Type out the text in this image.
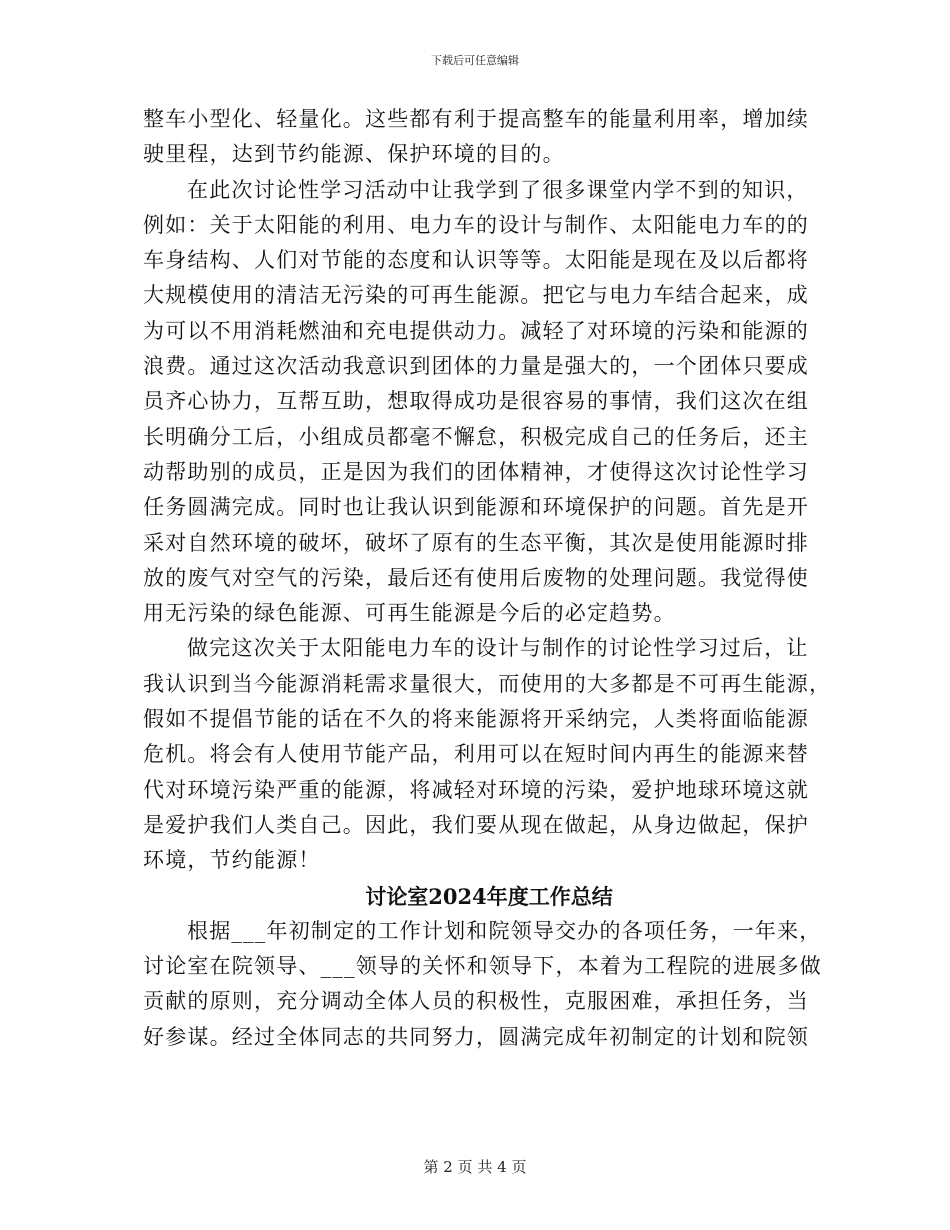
下载后可任意编辑
整车小型化、轻量化。这些都有利于提高整车的能量利用率，增加续
驶里程，达到节约能源、保护环境的目的。
在此次讨论性学习活动中让我学到了很多课堂内学不到的知识，
例如：关于太阳能的利用、电力车的设计与制作、太阳能电力车的的
车身结构、人们对节能的态度和认识等等。太阳能是现在及以后都将
大规模使用的清洁无污染的可再生能源。把它与电力车结合起来，成
为可以不用消耗燃油和充电提供动力。减轻了对环境的污染和能源的
浪费。通过这次活动我意识到团体的力量是强大的，一个团体只要成
员齐心协力，互帮互助，想取得成功是很容易的事情，我们这次在组
长明确分工后，小组成员都毫不懈怠，积极完成自己的任务后，还主
动帮助别的成员，正是因为我们的团体精神，才使得这次讨论性学习
任务圆满完成。同时也让我认识到能源和环境保护的问题。首先是开
采对自然环境的破坏，破坏了原有的生态平衡，其次是使用能源时排
放的废气对空气的污染，最后还有使用后废物的处理问题。我觉得使
用无污染的绿色能源、可再生能源是今后的必定趋势。
做完这次关于太阳能电力车的设计与制作的讨论性学习过后，让
我认识到当今能源消耗需求量很大，而使用的大多都是不可再生能源，
假如不提倡节能的话在不久的将来能源将开采纳完，人类将面临能源
危机。将会有人使用节能产品，利用可以在短时间内再生的能源来替
代对环境污染严重的能源，将减轻对环境的污染，爱护地球环境这就
是爱护我们人类自己。因此，我们要从现在做起，从身边做起，保护
环境，节约能源！
讨论室2024年度工作总结
根据___年初制定的工作计划和院领导交办的各项任务，一年来，
讨论室在院领导、___领导的关怀和领导下，本着为工程院的进展多做
贡献的原则，充分调动全体人员的积极性，克服困难，承担任务，当
好参谋。经过全体同志的共同努力，圆满完成年初制定的计划和院领
第 2 页 共 4 页
